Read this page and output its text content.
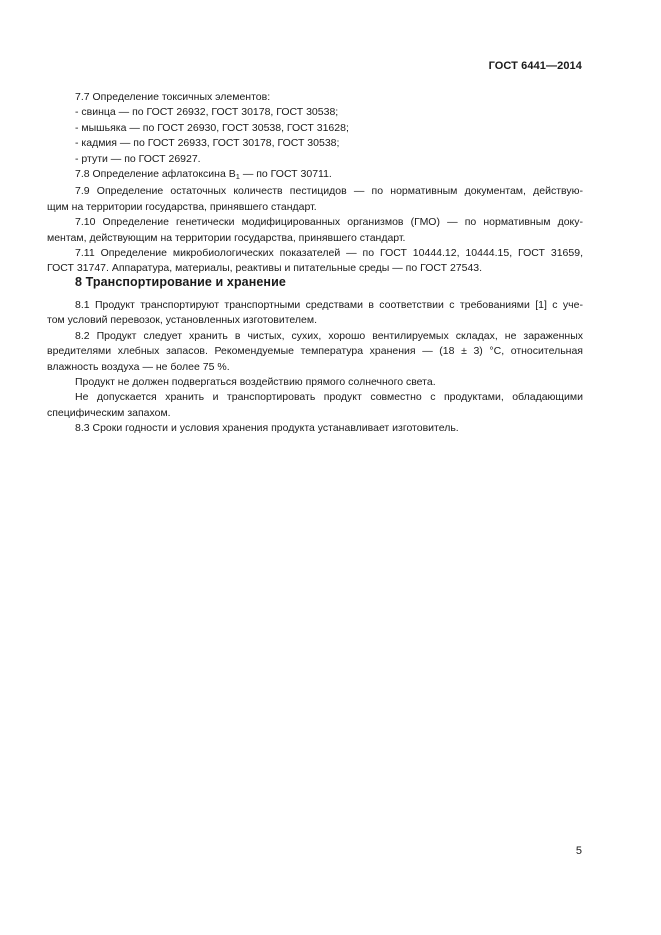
ГОСТ 6441—2014
7.7 Определение токсичных элементов:
- свинца — по ГОСТ 26932, ГОСТ 30178, ГОСТ 30538;
- мышьяка — по ГОСТ 26930, ГОСТ 30538, ГОСТ 31628;
- кадмия — по ГОСТ 26933, ГОСТ 30178, ГОСТ 30538;
- ртути — по ГОСТ 26927.
7.8 Определение афлатоксина $B_1$ — по ГОСТ 30711.
7.9 Определение остаточных количеств пестицидов — по нормативным документам, действую-
щим на территории государства, принявшего стандарт.
7.10 Определение генетически модифицированных организмов (ГМО) — по нормативным доку-
ментам, действующим на территории государства, принявшего стандарт.
7.11 Определение микробиологических показателей — по ГОСТ 10444.12, 10444.15, ГОСТ 31659,
ГОСТ 31747. Аппаратура, материалы, реактивы и питательные среды — по ГОСТ 27543.
8 Транспортирование и хранение
8.1 Продукт транспортируют транспортными средствами в соответствии с требованиями [1] с уче-
том условий перевозок, установленных изготовителем.
8.2 Продукт следует хранить в чистых, сухих, хорошо вентилируемых складах, не зараженных
вредителями хлебных запасов. Рекомендуемые температура хранения — (18 ± 3) °C, относительная
влажность воздуха — не более 75 %.
Продукт не должен подвергаться воздействию прямого солнечного света.
Не допускается хранить и транспортировать продукт совместно с продуктами, обладающими
специфическим запахом.
8.3 Сроки годности и условия хранения продукта устанавливает изготовитель.
5
